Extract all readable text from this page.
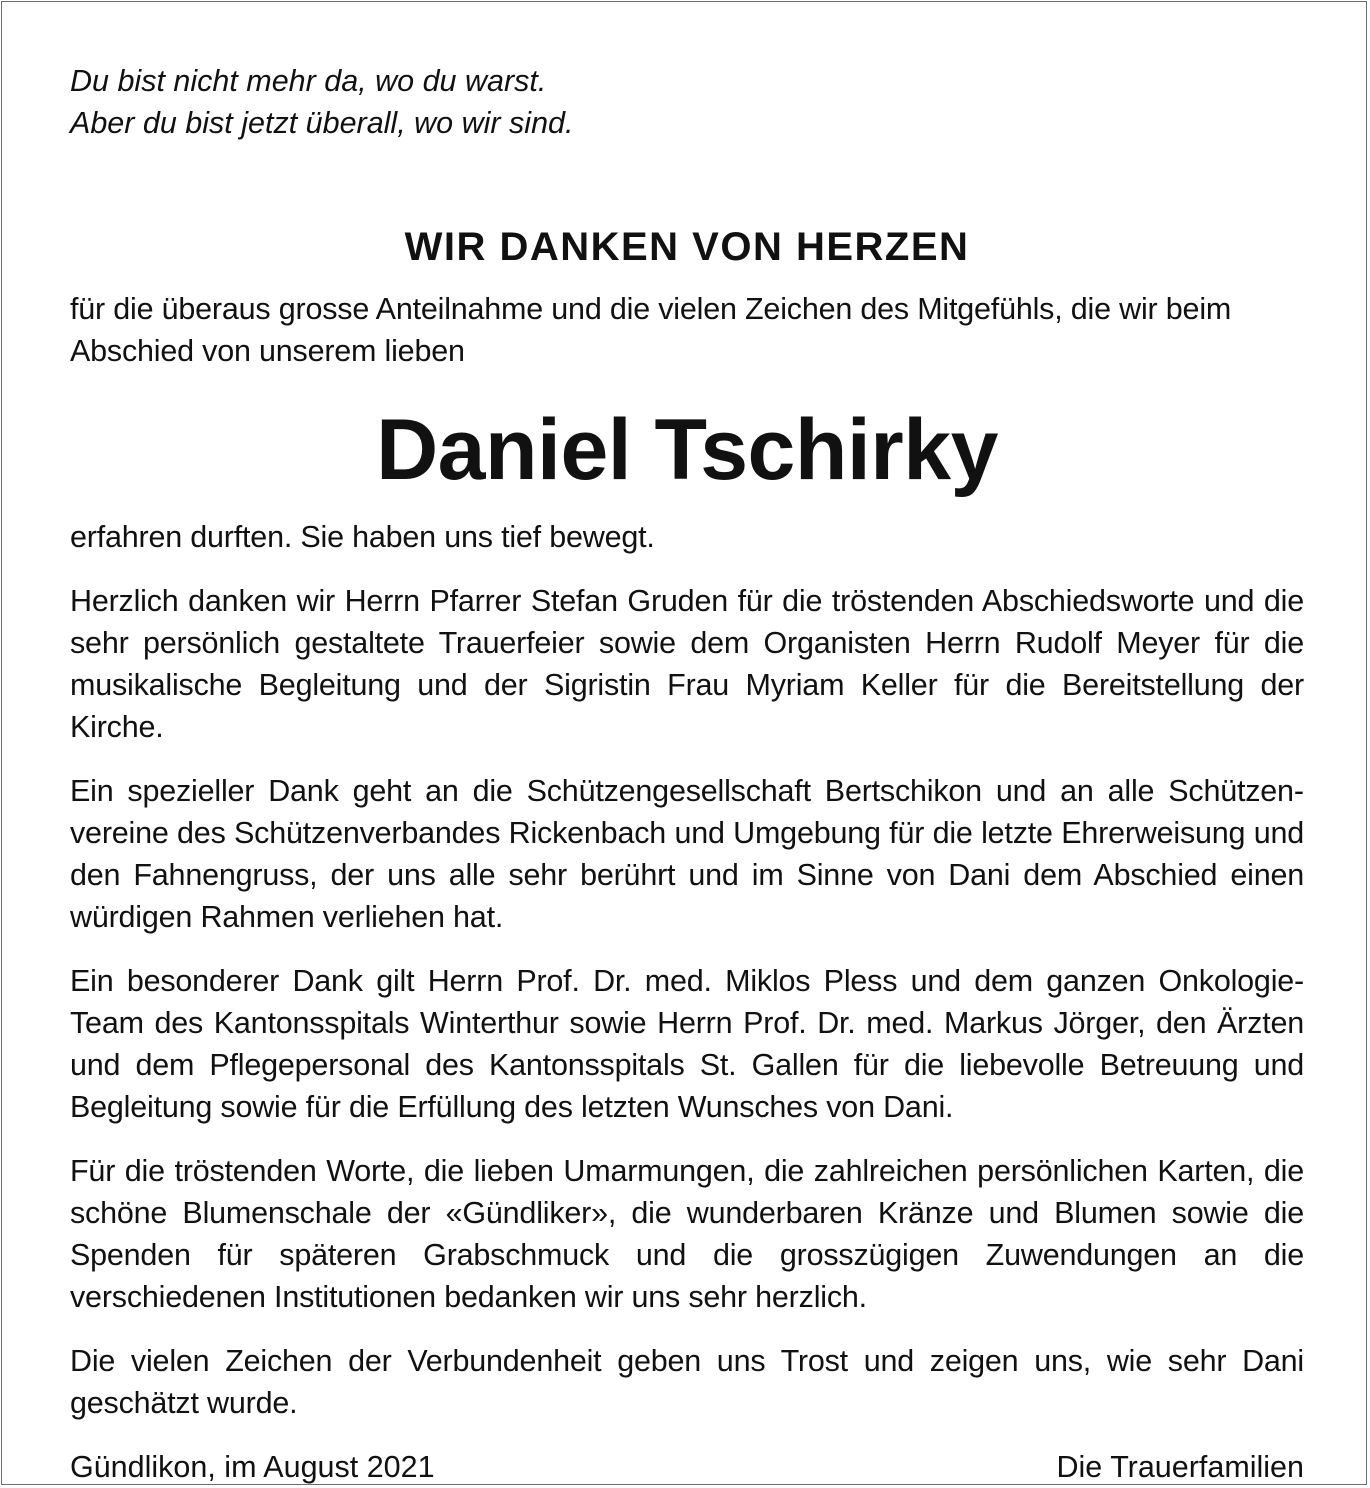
Du bist nicht mehr da, wo du warst.
Aber du bist jetzt überall, wo wir sind.
WIR DANKEN VON HERZEN

für die überaus grosse Anteilnahme und die vielen Zeichen des Mitgefühls, die wir beim Abschied von unserem lieben

Daniel Tschirky

erfahren durften. Sie haben uns tief bewegt.

Herzlich danken wir Herrn Pfarrer Stefan Gruden für die tröstenden Abschiedsworte und die sehr persönlich gestaltete Trauerfeier sowie dem Organisten Herrn Rudolf Meyer für die musikalische Begleitung und der Sigristin Frau Myriam Keller für die Bereitstellung der Kirche.

Ein spezieller Dank geht an die Schützengesellschaft Bertschikon und an alle Schützenvereine des Schützenverbandes Rickenbach und Umgebung für die letzte Ehrerweisung und den Fahnengruss, der uns alle sehr berührt und im Sinne von Dani dem Abschied einen würdigen Rahmen verliehen hat.

Ein besonderer Dank gilt Herrn Prof. Dr. med. Miklos Pless und dem ganzen Onkologie-Team des Kantonsspitals Winterthur sowie Herrn Prof. Dr. med. Markus Jörger, den Ärzten und dem Pflegepersonal des Kantonsspitals St. Gallen für die liebevolle Betreuung und Begleitung sowie für die Erfüllung des letzten Wunsches von Dani.

Für die tröstenden Worte, die lieben Umarmungen, die zahlreichen persönlichen Karten, die schöne Blumenschale der «Gündliker», die wunderbaren Kränze und Blumen sowie die Spenden für späteren Grabschmuck und die grosszügigen Zuwendungen an die verschiedenen Institutionen bedanken wir uns sehr herzlich.

Die vielen Zeichen der Verbundenheit geben uns Trost und zeigen uns, wie sehr Dani geschätzt wurde.

Gündlikon, im August 2021	Die Trauerfamilien
